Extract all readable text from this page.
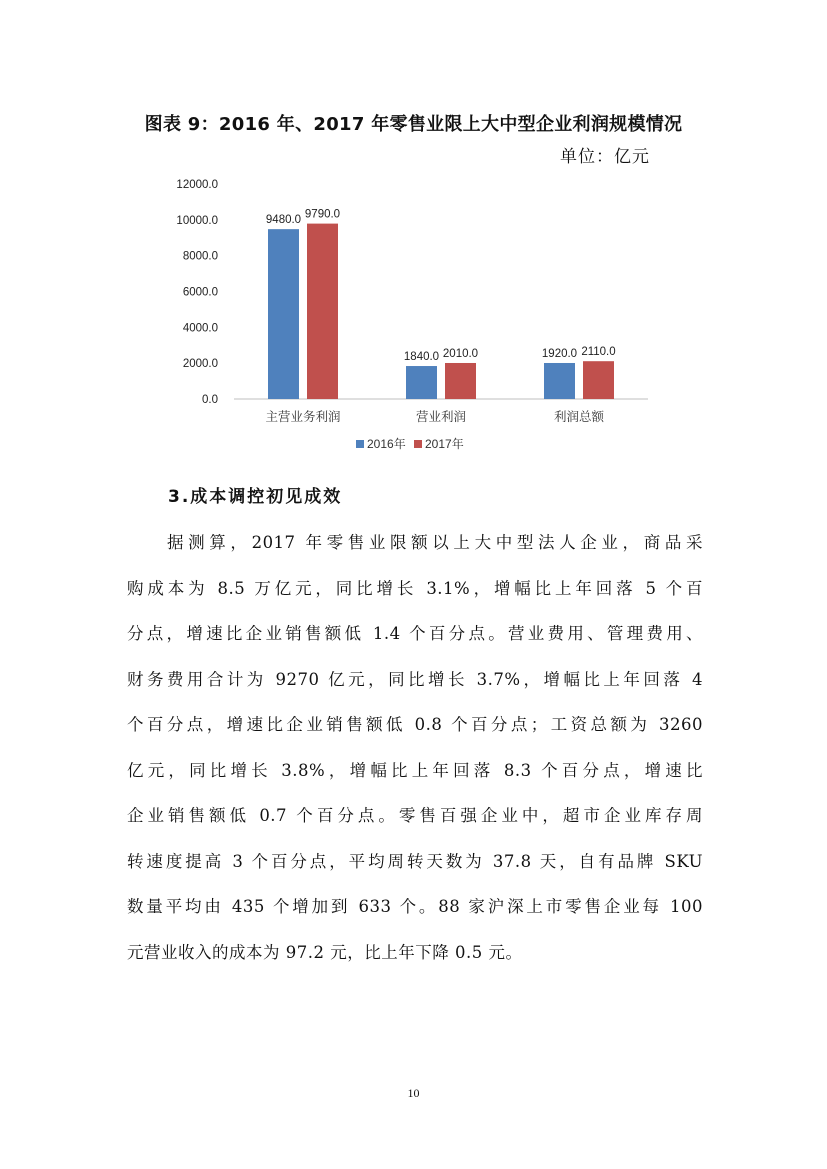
图表 9：2016 年、2017 年零售业限上大中型企业利润规模情况
单位：亿元
0.0
2000.0
4000.0
6000.0
8000.0
10000.0
12000.0
9480.0 9790.0
主营业务利润
1840.0 2010.0
营业利润
1920.0 2110.0
利润总额
2016年 2017年
3.成本调控初见成效
据测算，2017 年零售业限额以上大中型法人企业，商品采
购成本为 8.5 万亿元，同比增长 3.1%，增幅比上年回落 5 个百
分点，增速比企业销售额低 1.4 个百分点。营业费用、管理费用、
财务费用合计为 9270 亿元，同比增长 3.7%，增幅比上年回落 4
个百分点，增速比企业销售额低 0.8 个百分点；工资总额为 3260
亿元，同比增长 3.8%，增幅比上年回落 8.3 个百分点，增速比
企业销售额低 0.7 个百分点。零售百强企业中，超市企业库存周
转速度提高 3 个百分点，平均周转天数为 37.8 天，自有品牌 SKU
数量平均由 435 个增加到 633 个。88 家沪深上市零售企业每 100
元营业收入的成本为 97.2 元，比上年下降 0.5 元。
10
